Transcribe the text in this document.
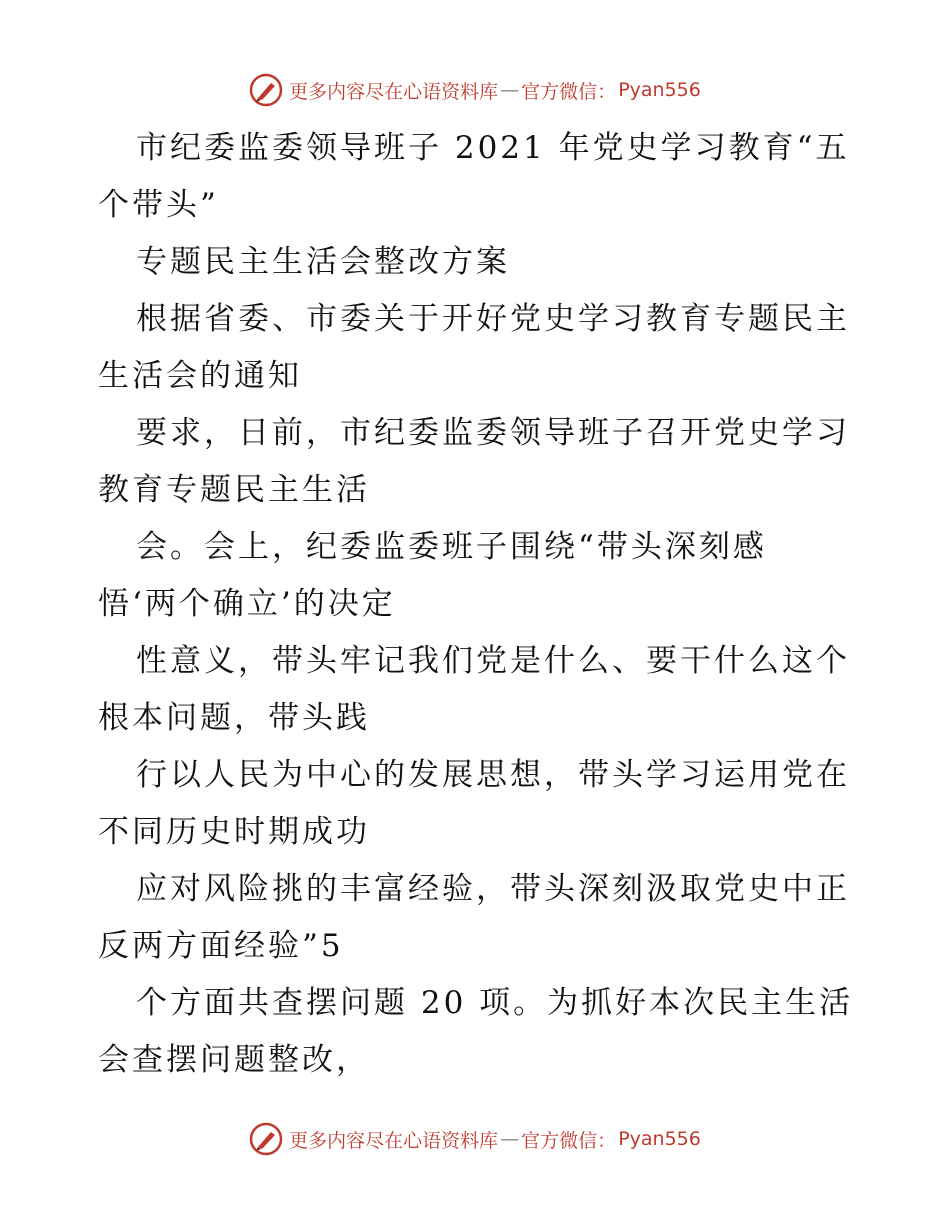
更多内容尽在心语资料库 — 官方微信： Pyan556
市纪委监委领导班子 2021 年党史学习教育“五
个带头”
专题民主生活会整改方案
根据省委、市委关于开好党史学习教育专题民主
生活会的通知
要求，日前，市纪委监委领导班子召开党史学习
教育专题民主生活
会。会上，纪委监委班子围绕“带头深刻感
悟‘两个确立’的决定
性意义，带头牢记我们党是什么、要干什么这个
根本问题，带头践
行以人民为中心的发展思想，带头学习运用党在
不同历史时期成功
应对风险挑的丰富经验，带头深刻汲取党史中正
反两方面经验”5
个方面共查摆问题 20 项。为抓好本次民主生活
会查摆问题整改，
更多内容尽在心语资料库 — 官方微信： Pyan556
